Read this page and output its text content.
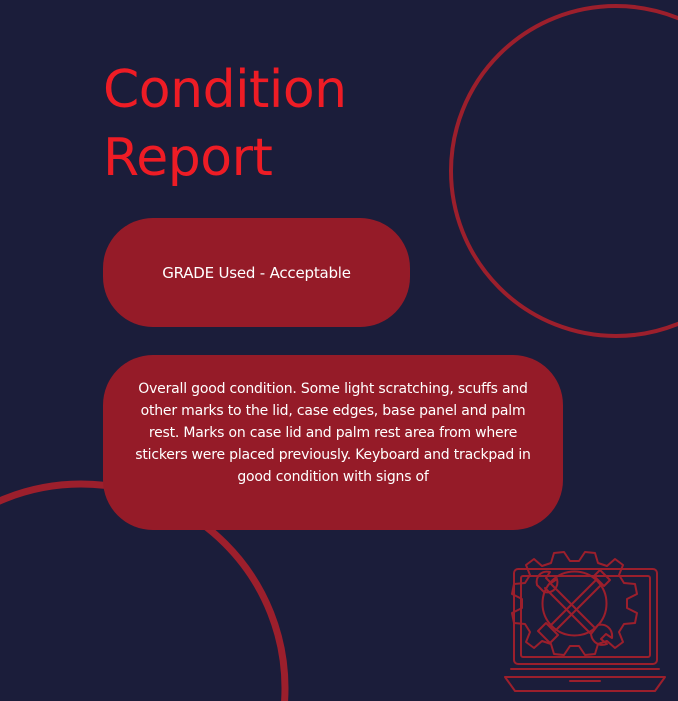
Condition
Report
GRADE Used - Acceptable
Overall good condition. Some light scratching, scuffs and other marks to the lid, case edges, base panel and palm rest. Marks on case lid and palm rest area from where stickers were placed previously. Keyboard and trackpad in good condition with signs of
